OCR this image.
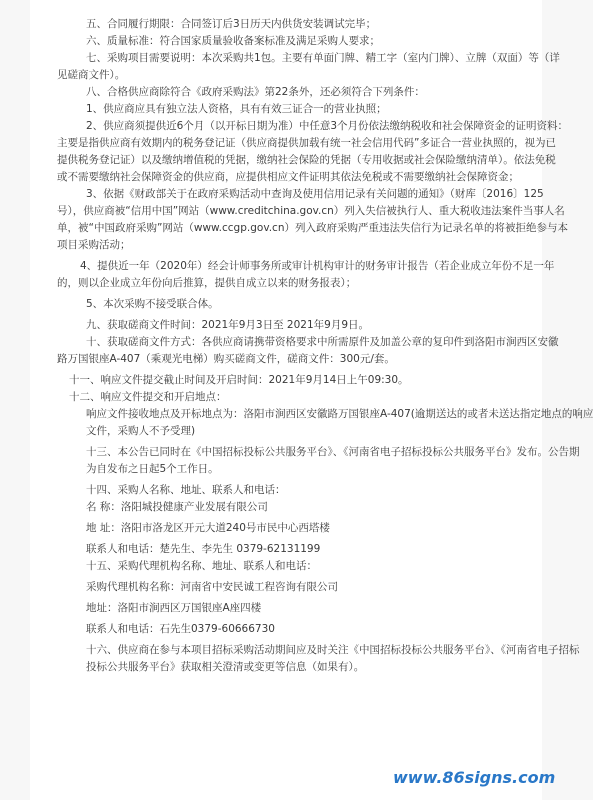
五、合同履行期限：合同签订后3日历天内供货安装调试完毕；
六、质量标准：符合国家质量验收备案标准及满足采购人要求；
七、采购项目需要说明：本次采购共1包。主要有单面门牌、精工字（室内门牌）、立牌（双面）等（详
见磋商文件）。
八、合格供应商除符合《政府采购法》第22条外，还必须符合下列条件：
1、供应商应具有独立法人资格，具有有效三证合一的营业执照；
2、供应商须提供近6个月（以开标日期为准）中任意3个月份依法缴纳税收和社会保障资金的证明资料：
主要是指供应商有效期内的税务登记证（供应商提供加载有统一社会信用代码”多证合一营业执照的，视为已
提供税务登记证）以及缴纳增值税的凭据，缴纳社会保险的凭据（专用收据或社会保险缴纳清单）。依法免税
或不需要缴纳社会保障资金的供应商，应提供相应文件证明其依法免税或不需要缴纳社会保障资金；
3、依据《财政部关于在政府采购活动中查询及使用信用记录有关问题的通知》（财库〔2016〕125
号），供应商被“信用中国”网站（www.creditchina.gov.cn）列入失信被执行人、重大税收违法案件当事人名
单，被“中国政府采购”网站（www.ccgp.gov.cn）列入政府采购严重违法失信行为记录名单的将被拒绝参与本
项目采购活动；
4、提供近一年（2020年）经会计师事务所或审计机构审计的财务审计报告（若企业成立年份不足一年
的，则以企业成立年份向后推算，提供自成立以来的财务报表）；
5、本次采购不接受联合体。
九、获取磋商文件时间：2021年9月3日至 2021年9月9日。
十、获取磋商文件方式：各供应商请携带资格要求中所需原件及加盖公章的复印件到洛阳市涧西区安徽
路万国银座A-407（乘观光电梯）购买磋商文件，磋商文件：300元/套。
十一、响应文件提交截止时间及开启时间：2021年9月14日上午09:30。
十二、响应文件提交和开启地点：
响应文件接收地点及开标地点为：洛阳市涧西区安徽路万国银座A-407(逾期送达的或者未送达指定地点的响应
文件，采购人不予受理)
十三、本公告已同时在《中国招标投标公共服务平台》、《河南省电子招标投标公共服务平台》发布。公告期
为自发布之日起5个工作日。
十四、采购人名称、地址、联系人和电话：
名 称：洛阳城投健康产业发展有限公司
地 址：洛阳市洛龙区开元大道240号市民中心西塔楼
联系人和电话：楚先生、李先生 0379-62131199
十五、采购代理机构名称、地址、联系人和电话：
采购代理机构名称：河南省中安民诚工程咨询有限公司
地址：洛阳市涧西区万国银座A座四楼
联系人和电话：石先生0379-60666730
十六、供应商在参与本项目招标采购活动期间应及时关注《中国招标投标公共服务平台》、《河南省电子招标
投标公共服务平台》获取相关澄清或变更等信息（如果有）。
www.86signs.com
